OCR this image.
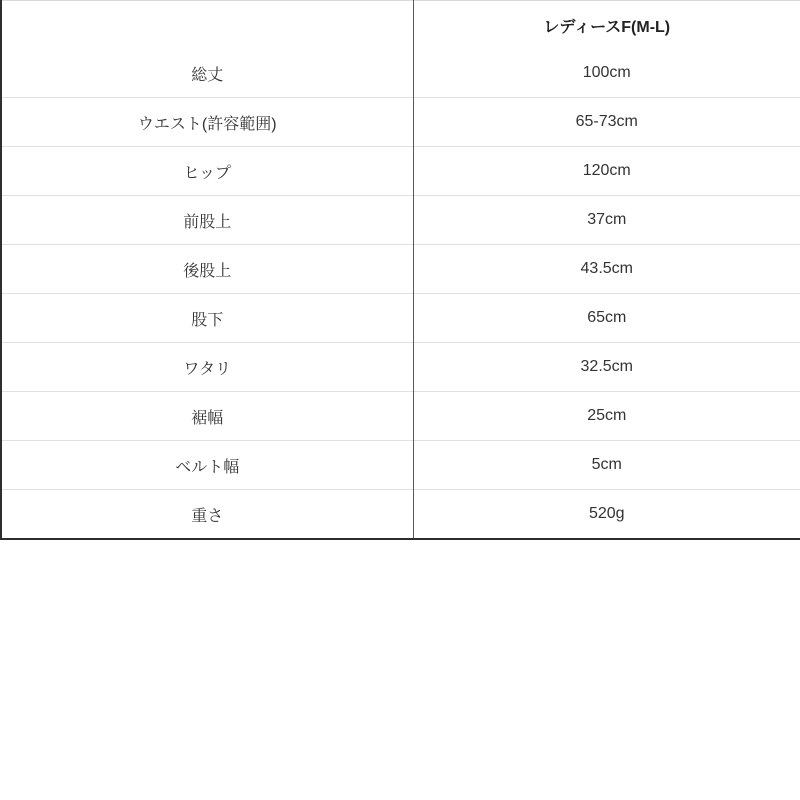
	レディースF(M-L)
総丈	100cm
ウエスト(許容範囲)	65-73cm
ヒップ	120cm
前股上	37cm
後股上	43.5cm
股下	65cm
ワタリ	32.5cm
裾幅	25cm
ベルト幅	5cm
重さ	520g
